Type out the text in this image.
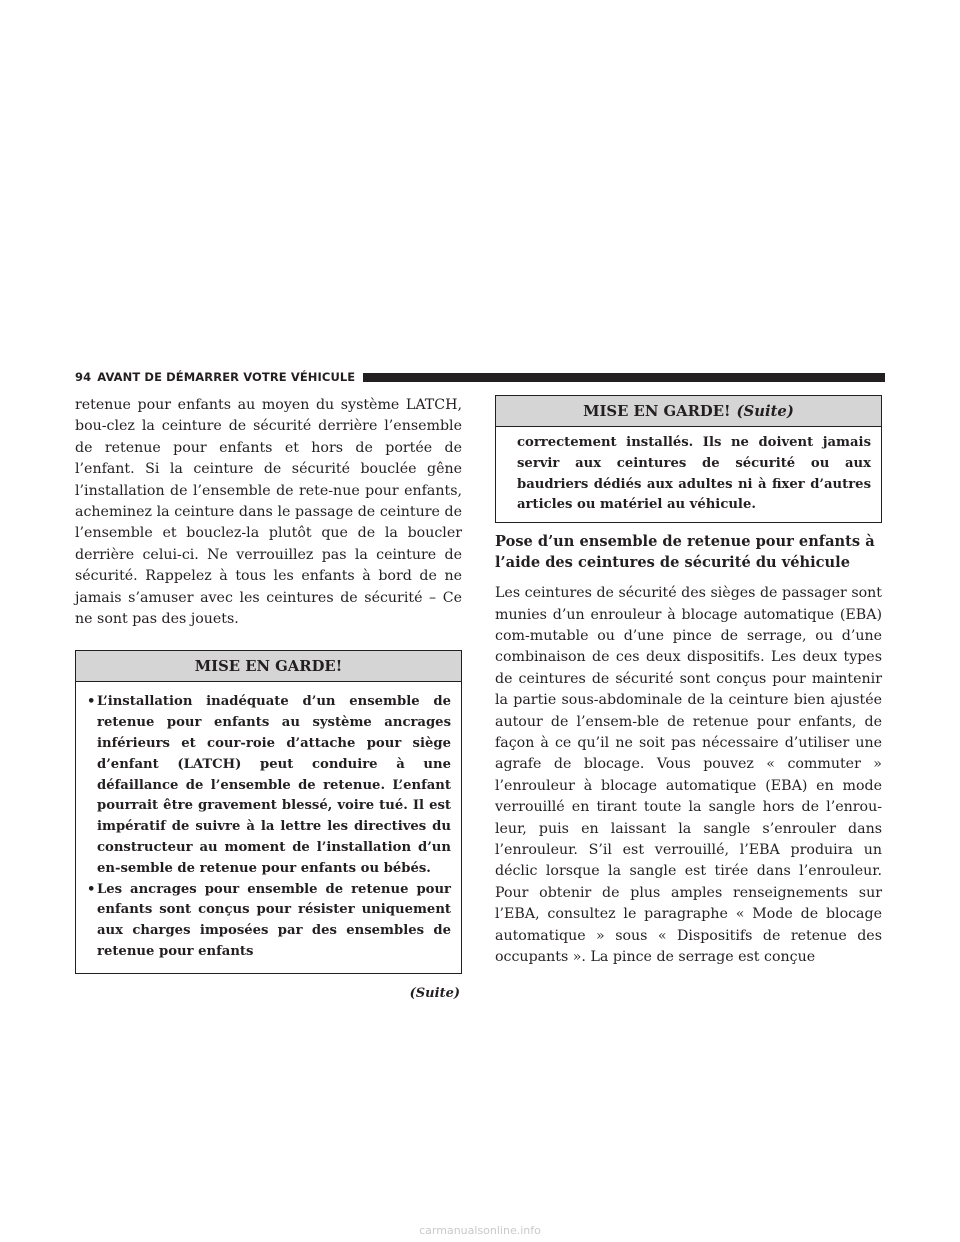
94 AVANT DE DÉMARRER VOTRE VÉHICULE

retenue pour enfants au moyen du système LATCH, bou-clez la ceinture de sécurité derrière l’ensemble de retenue pour enfants et hors de portée de l’enfant. Si la ceinture de sécurité bouclée gêne l’installation de l’ensemble de rete-nue pour enfants, acheminez la ceinture dans le passage de ceinture de l’ensemble et bouclez-la plutôt que de la boucler derrière celui-ci. Ne verrouillez pas la ceinture de sécurité. Rappelez à tous les enfants à bord de ne jamais s’amuser avec les ceintures de sécurité – Ce ne sont pas des jouets.

MISE EN GARDE!
• L’installation inadéquate d’un ensemble de retenue pour enfants au système ancrages inférieurs et cour-roie d’attache pour siège d’enfant (LATCH) peut conduire à une défaillance de l’ensemble de retenue. L’enfant pourrait être gravement blessé, voire tué. Il est impératif de suivre à la lettre les directives du constructeur au moment de l’installation d’un en-semble de retenue pour enfants ou bébés.
• Les ancrages pour ensemble de retenue pour enfants sont conçus pour résister uniquement aux charges imposées par des ensembles de retenue pour enfants
(Suite)
MISE EN GARDE! (Suite)
correctement installés. Ils ne doivent jamais servir aux ceintures de sécurité ou aux baudriers dédiés aux adultes ni à fixer d’autres articles ou matériel au véhicule.
Pose d’un ensemble de retenue pour enfants à l’aide des ceintures de sécurité du véhicule

Les ceintures de sécurité des sièges de passager sont munies d’un enrouleur à blocage automatique (EBA) com-mutable ou d’une pince de serrage, ou d’une combinaison de ces deux dispositifs. Les deux types de ceintures de sécurité sont conçus pour maintenir la partie sous-abdominale de la ceinture bien ajustée autour de l’ensem-ble de retenue pour enfants, de façon à ce qu’il ne soit pas nécessaire d’utiliser une agrafe de blocage. Vous pouvez « commuter » l’enrouleur à blocage automatique (EBA) en mode verrouillé en tirant toute la sangle hors de l’enrou-leur, puis en laissant la sangle s’enrouler dans l’enrouleur. S’il est verrouillé, l’EBA produira un déclic lorsque la sangle est tirée dans l’enrouleur. Pour obtenir de plus amples renseignements sur l’EBA, consultez le paragraphe « Mode de blocage automatique » sous « Dispositifs de retenue des occupants ». La pince de serrage est conçue

carmanualsonline.info
